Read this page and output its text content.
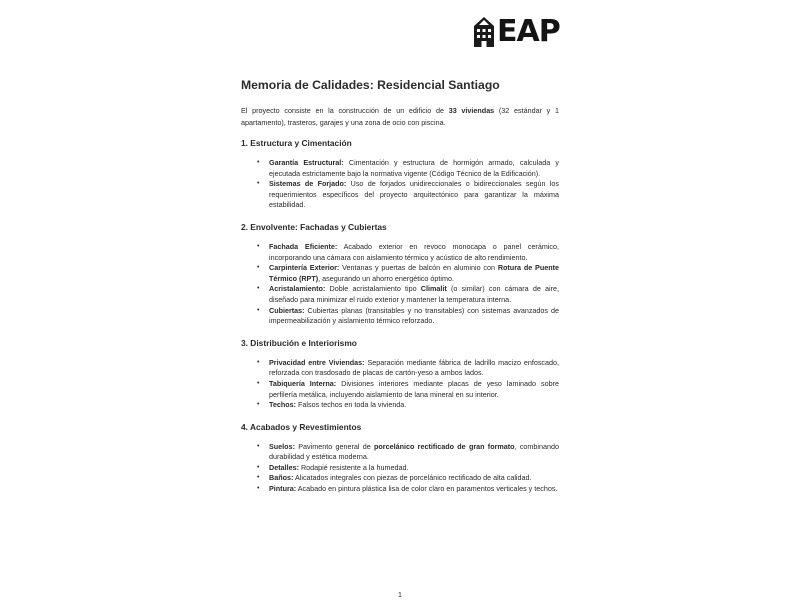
EAP
Memoria de Calidades: Residencial Santiago

El proyecto consiste en la construcción de un edificio de 33 viviendas (32 estándar y 1 apartamento), trasteros, garajes y una zona de ocio con piscina.

1. Estructura y Cimentación
• Garantía Estructural: Cimentación y estructura de hormigón armado, calculada y ejecutada estrictamente bajo la normativa vigente (Código Técnico de la Edificación).
• Sistemas de Forjado: Uso de forjados unidireccionales o bidireccionales según los requerimientos específicos del proyecto arquitectónico para garantizar la máxima estabilidad.
2. Envolvente: Fachadas y Cubiertas
• Fachada Eficiente: Acabado exterior en revoco monocapa o panel cerámico, incorporando una cámara con aislamiento térmico y acústico de alto rendimiento.
• Carpintería Exterior: Ventanas y puertas de balcón en aluminio con Rotura de Puente Térmico (RPT), asegurando un ahorro energético óptimo.
• Acristalamiento: Doble acristalamiento tipo Climalit (o similar) con cámara de aire, diseñado para minimizar el ruido exterior y mantener la temperatura interna.
• Cubiertas: Cubiertas planas (transitables y no transitables) con sistemas avanzados de impermeabilización y aislamiento térmico reforzado.
3. Distribución e Interiorismo
• Privacidad entre Viviendas: Separación mediante fábrica de ladrillo macizo enfoscado, reforzada con trasdosado de placas de cartón-yeso a ambos lados.
• Tabiquería Interna: Divisiones interiores mediante placas de yeso laminado sobre perfilería metálica, incluyendo aislamiento de lana mineral en su interior.
• Techos: Falsos techos en toda la vivienda.
4. Acabados y Revestimientos
• Suelos: Pavimento general de porcelánico rectificado de gran formato, combinando durabilidad y estética moderna.
• Detalles: Rodapié resistente a la humedad.
• Baños: Alicatados integrales con piezas de porcelánico rectificado de alta calidad.
• Pintura: Acabado en pintura plástica lisa de color claro en paramentos verticales y techos.
1
